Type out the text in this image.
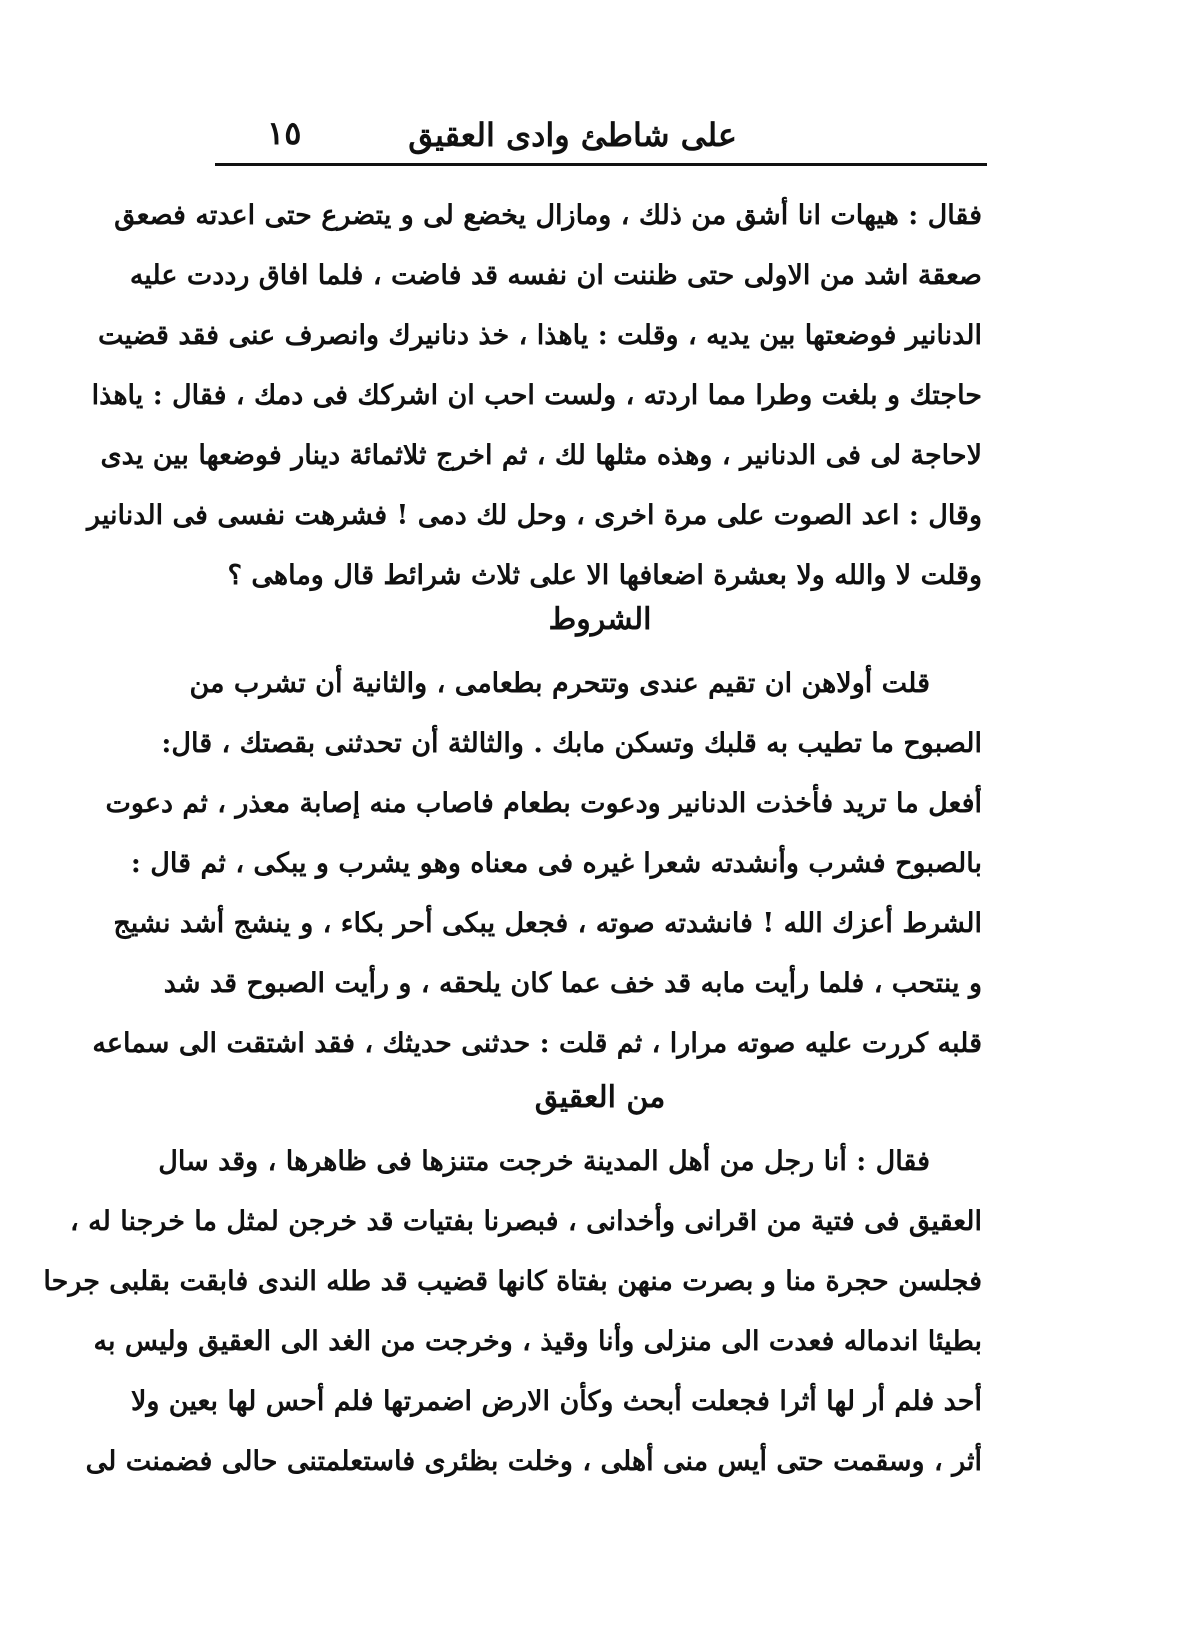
على شاطئ وادى العقيق
١٥
فقال : هيهات انا أشق من ذلك ، ومازال يخضع لى و يتضرع حتى اعدته فصعق
صعقة اشد من الاولى حتى ظننت ان نفسه قد فاضت ، فلما افاق رددت عليه
الدنانير فوضعتها بين يديه ، وقلت : ياهذا ، خذ دنانيرك وانصرف عنى فقد قضيت
حاجتك و بلغت وطرا مما اردته ، ولست احب ان اشركك فى دمك ، فقال : ياهذا
لاحاجة لى فى الدنانير ، وهذه مثلها لك ، ثم اخرج ثلاثمائة دينار فوضعها بين يدى
وقال : اعد الصوت على مرة اخرى ، وحل لك دمى ! فشرهت نفسى فى الدنانير
وقلت لا والله ولا بعشرة اضعافها الا على ثلاث شرائط قال وماهى ؟
الشروط
قلت أولاهن ان تقيم عندى وتتحرم بطعامى ، والثانية أن تشرب من
الصبوح ما تطيب به قلبك وتسكن مابك . والثالثة أن تحدثنى بقصتك ، قال:
أفعل ما تريد فأخذت الدنانير ودعوت بطعام فاصاب منه إصابة معذر ، ثم دعوت
بالصبوح فشرب وأنشدته شعرا غيره فى معناه وهو يشرب و يبكى ، ثم قال :
الشرط أعزك الله ! فانشدته صوته ، فجعل يبكى أحر بكاء ، و ينشج أشد نشيج
و ينتحب ، فلما رأيت مابه قد خف عما كان يلحقه ، و رأيت الصبوح قد شد
قلبه كررت عليه صوته مرارا ، ثم قلت : حدثنى حديثك ، فقد اشتقت الى سماعه
من العقيق
فقال : أنا رجل من أهل المدينة خرجت متنزها فى ظاهرها ، وقد سال
العقيق فى فتية من اقرانى وأخدانى ، فبصرنا بفتيات قد خرجن لمثل ما خرجنا له ،
فجلسن حجرة منا و بصرت منهن بفتاة كانها قضيب قد طله الندى فابقت بقلبى جرحا
بطيئا اندماله فعدت الى منزلى وأنا وقيذ ، وخرجت من الغد الى العقيق وليس به
أحد فلم أر لها أثرا فجعلت أبحث وكأن الارض اضمرتها فلم أحس لها بعين ولا
أثر ، وسقمت حتى أيس منى أهلى ، وخلت بظئرى فاستعلمتنى حالى فضمنت لى
